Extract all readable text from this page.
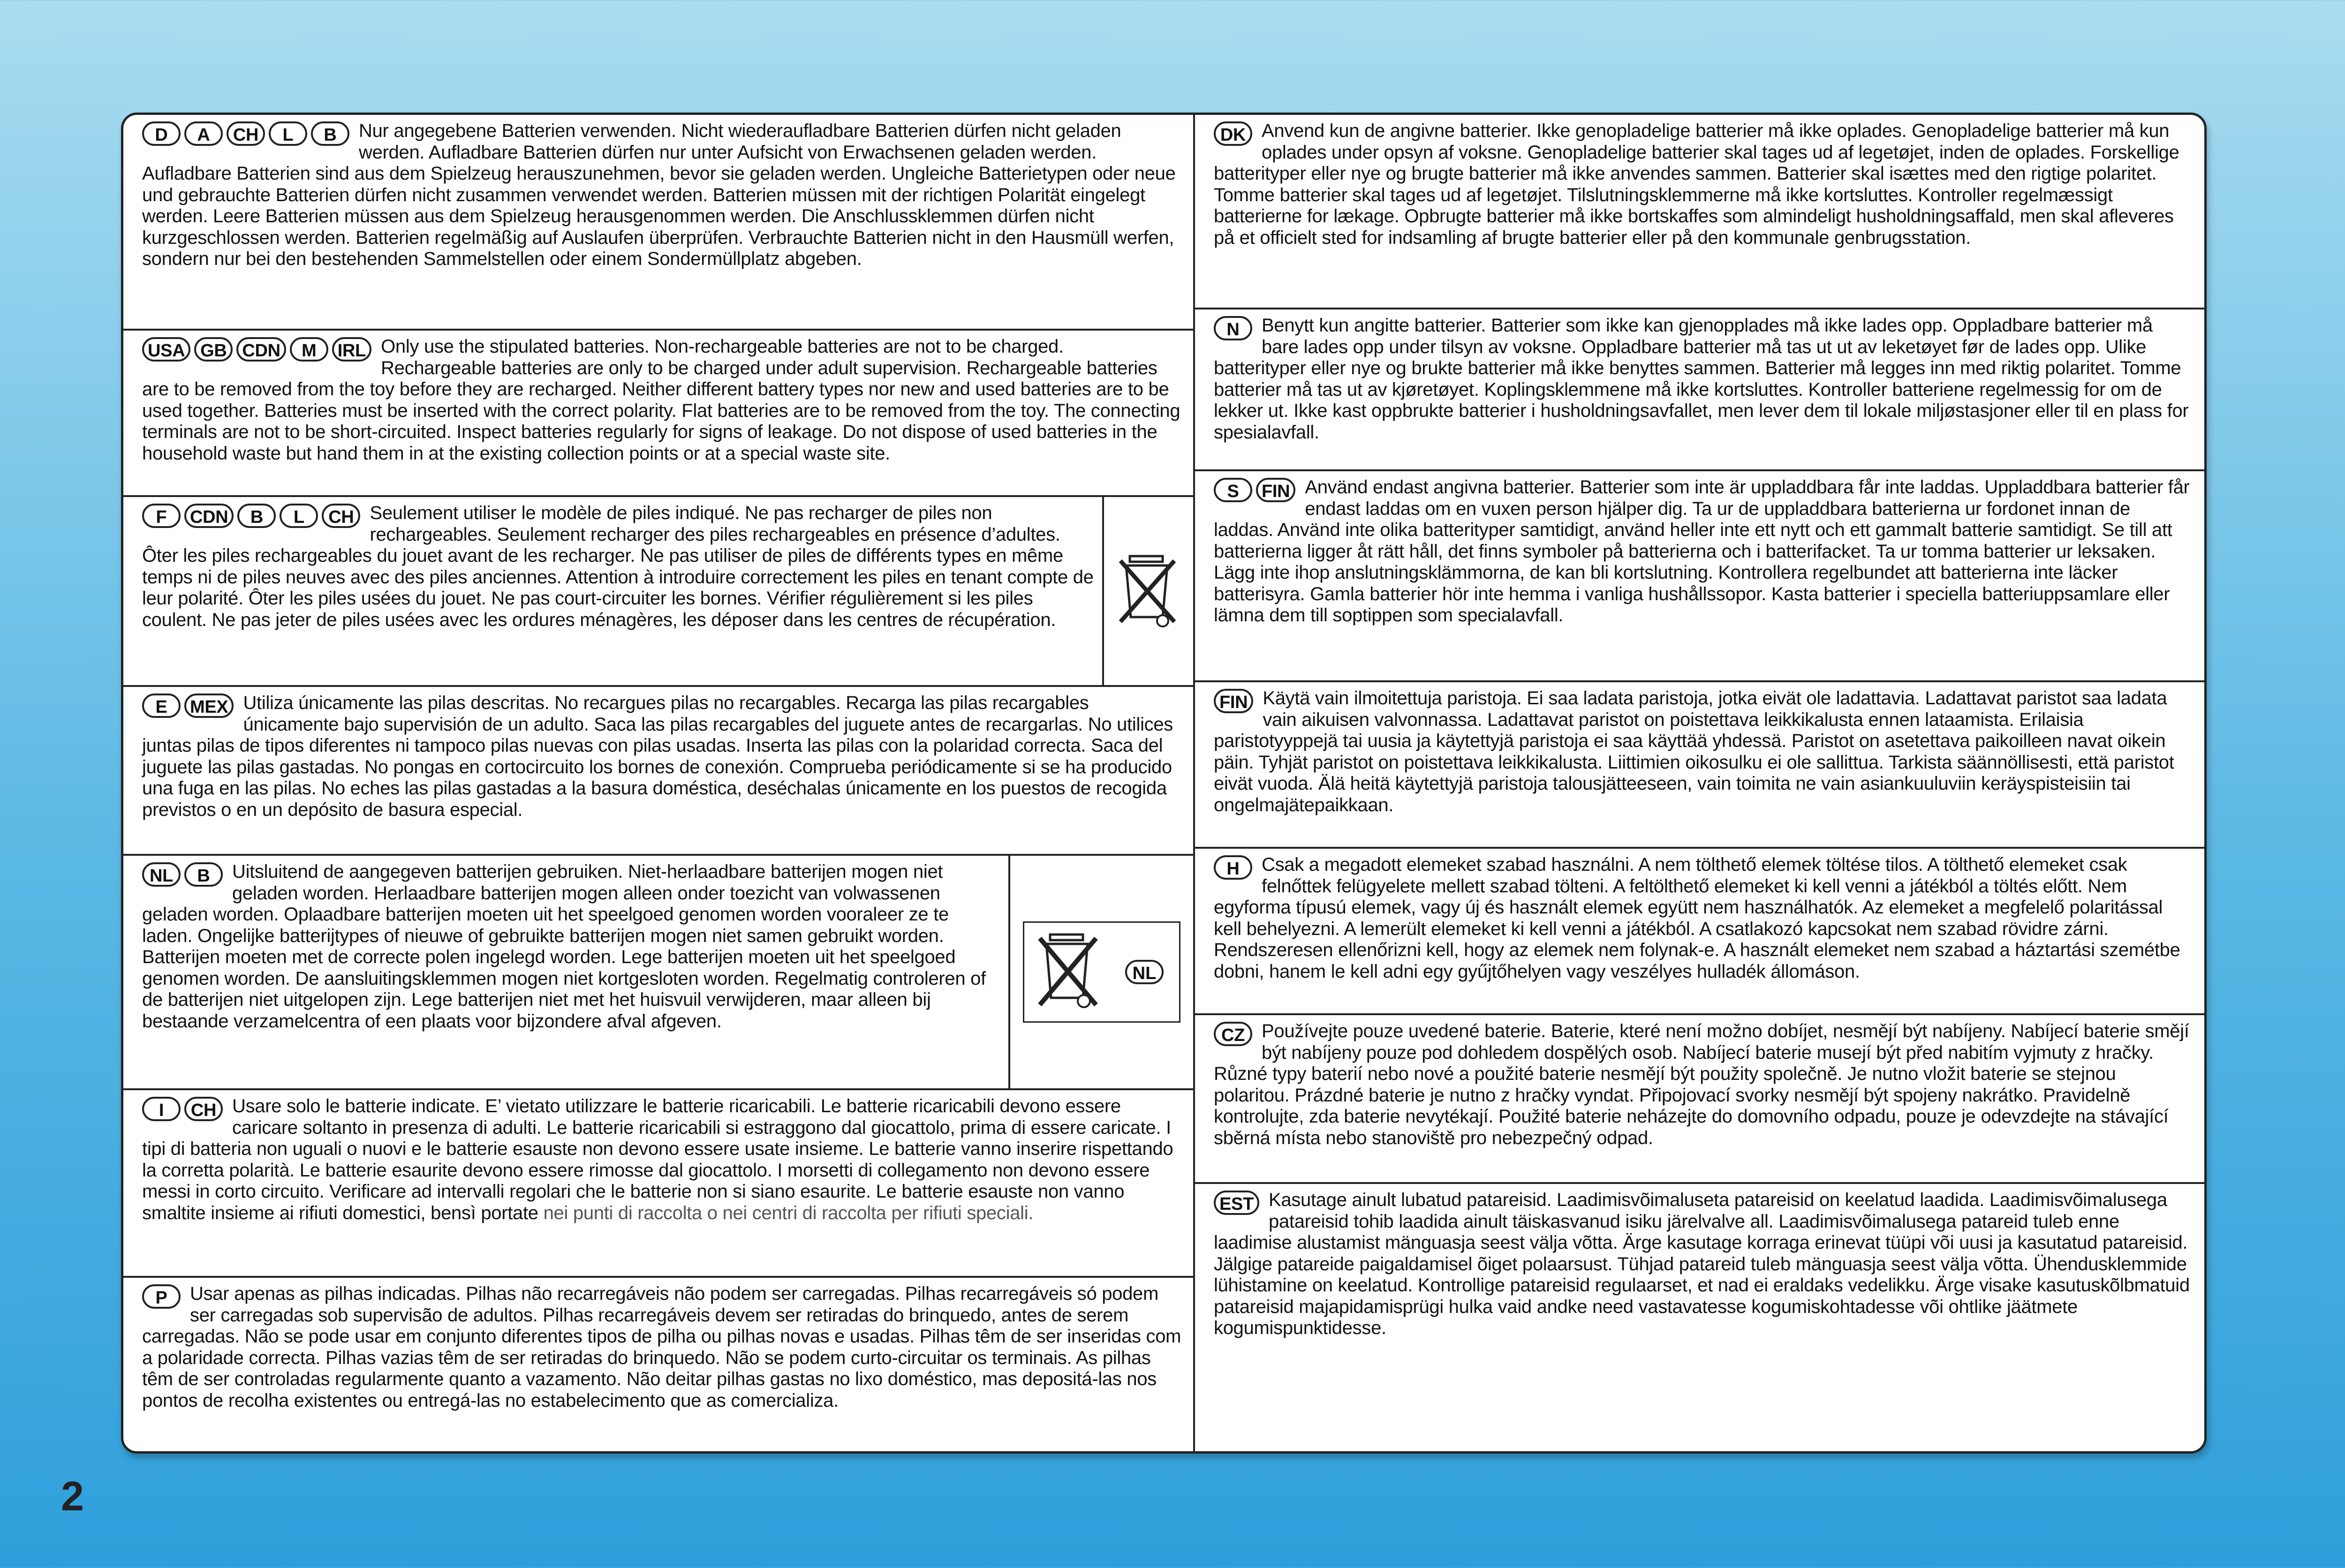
D A CH L B	Nur angegebene Batterien verwenden. Nicht wiederaufladbare Batterien dürfen nicht geladen werden. Aufladbare Batterien dürfen nur unter Aufsicht von Erwachsenen geladen werden. Aufladbare Batterien sind aus dem Spielzeug herauszunehmen, bevor sie geladen werden. Ungleiche Batterietypen oder neue und gebrauchte Batterien dürfen nicht zusammen verwendet werden. Batterien müssen mit der richtigen Polarität eingelegt werden. Leere Batterien müssen aus dem Spielzeug herausgenommen werden. Die Anschlussklemmen dürfen nicht kurzgeschlossen werden. Batterien regelmäßig auf Auslaufen überprüfen. Verbrauchte Batterien nicht in den Hausmüll werfen, sondern nur bei den bestehenden Sammelstellen oder einem Sondermüllplatz abgeben.
USA GB CDN M IRL Only use the stipulated batteries. Non-rechargeable batteries are not to be charged. Rechargeable batteries are only to be charged under adult supervision. Rechargeable batteries are to be removed from the toy before they are recharged. Neither different battery types nor new and used batteries are to be used together. Batteries must be inserted with the correct polarity. Flat batteries are to be removed from the toy. The connecting terminals are not to be short-circuited. Inspect batteries regularly for signs of leakage. Do not dispose of used batteries in the household waste but hand them in at the existing collection points or at a special waste site.
F CDN B L CH Seulement utiliser le modèle de piles indiqué. Ne pas recharger de piles non rechargeables. Seulement recharger des piles rechargeables en présence d’adultes. Ôter les piles rechargeables du jouet avant de les recharger. Ne pas utiliser de piles de différents types en même temps ni de piles neuves avec des piles anciennes. Attention à introduire correctement les piles en tenant compte de leur polarité. Ôter les piles usées du jouet. Ne pas court-circuiter les bornes. Vérifier régulièrement si les piles coulent. Ne pas jeter de piles usées avec les ordures ménagères, les déposer dans les centres de récupération.
E MEX Utiliza únicamente las pilas descritas. No recargues pilas no recargables. Recarga las pilas recargables únicamente bajo supervisión de un adulto. Saca las pilas recargables del juguete antes de recargarlas. No utilices juntas pilas de tipos diferentes ni tampoco pilas nuevas con pilas usadas. Inserta las pilas con la polaridad correcta. Saca del juguete las pilas gastadas. No pongas en cortocircuito los bornes de conexión. Comprueba periódicamente si se ha producido una fuga en las pilas. No eches las pilas gastadas a la basura doméstica, deséchalas únicamente en los puestos de recogida previstos o en un depósito de basura especial.
NL B	Uitsluitend de aangegeven batterijen gebruiken. Niet-herlaadbare batterijen mogen niet geladen worden. Herlaadbare batterijen mogen alleen onder toezicht van volwassenen geladen worden. Oplaadbare batterijen moeten uit het speelgoed genomen worden vooraleer ze te laden. Ongelijke batterijtypes of nieuwe of gebruikte batterijen mogen niet samen gebruikt worden. Batterijen moeten met de correcte polen ingelegd worden. Lege batterijen moeten uit het speelgoed genomen worden. De aansluitingsklemmen mogen niet kortgesloten worden. Regelmatig controleren of de batterijen niet uitgelopen zijn. Lege batterijen niet met het huisvuil verwijderen, maar alleen bij bestaande verzamelcentra of een plaats voor bijzondere afval afgeven.
NL
I CH Usare solo le batterie indicate. E’ vietato utilizzare le batterie ricaricabili. Le batterie ricaricabili devono essere caricare soltanto in presenza di adulti. Le batterie ricaricabili si estraggono dal giocattolo, prima di essere caricate. I tipi di batteria non uguali o nuovi e le batterie esauste non devono essere usate insieme. Le batterie vanno inserire rispettando la corretta polarità. Le batterie esaurite devono essere rimosse dal giocattolo. I morsetti di collegamento non devono essere messi in corto circuito. Verificare ad intervalli regolari che le batterie non si siano esaurite. Le batterie esauste non vanno smaltite insieme ai rifiuti domestici, bensì portate nei punti di raccolta o nei centri di raccolta per rifiuti speciali.
P	Usar apenas as pilhas indicadas. Pilhas não recarregáveis não podem ser carregadas. Pilhas recarregáveis só podem ser carregadas sob supervisão de adultos. Pilhas recarregáveis devem ser retiradas do brinquedo, antes de serem carregadas. Não se pode usar em conjunto diferentes tipos de pilha ou pilhas novas e usadas. Pilhas têm de ser inseridas com a polaridade correcta. Pilhas vazias têm de ser retiradas do brinquedo. Não se podem curto-circuitar os terminais. As pilhas têm de ser controladas regularmente quanto a vazamento. Não deitar pilhas gastas no lixo doméstico, mas depositá-las nos pontos de recolha existentes ou entregá-las no estabelecimento que as comercializa.
DK Anvend kun de angivne batterier. Ikke genopladelige batterier må ikke oplades. Genopladelige batterier må kun oplades under opsyn af voksne. Genopladelige batterier skal tages ud af legetøjet, inden de oplades. Forskellige batterityper eller nye og brugte batterier må ikke anvendes sammen. Batterier skal isættes med den rigtige polaritet. Tomme batterier skal tages ud af legetøjet. Tilslutningsklemmerne må ikke kortsluttes. Kontroller regelmæssigt batterierne for lækage. Opbrugte batterier må ikke bortskaffes som almindeligt husholdningsaffald, men skal afleveres på et officielt sted for indsamling af brugte batterier eller på den kommunale genbrugsstation.
N	Benytt kun angitte batterier. Batterier som ikke kan gjenopplades må ikke lades opp. Oppladbare batterier må bare lades opp under tilsyn av voksne. Oppladbare batterier må tas ut ut av leketøyet før de lades opp. Ulike batterityper eller nye og brukte batterier må ikke benyttes sammen. Batterier må legges inn med riktig polaritet. Tomme batterier må tas ut av kjøretøyet. Koplingsklemmene må ikke kortsluttes. Kontroller batteriene regelmessig for om de lekker ut. Ikke kast oppbrukte batterier i husholdningsavfallet, men lever dem til lokale miljøstasjoner eller til en plass for spesialavfall.
S FIN Använd endast angivna batterier. Batterier som inte är uppladdbara får inte laddas. Uppladdbara batterier får endast laddas om en vuxen person hjälper dig. Ta ur de uppladdbara batterierna ur fordonet innan de laddas. Använd inte olika batterityper samtidigt, använd heller inte ett nytt och ett gammalt batterie samtidigt. Se till att batterierna ligger åt rätt håll, det finns symboler på batterierna och i batterifacket. Ta ur tomma batterier ur leksaken. Lägg inte ihop anslutningsklämmorna, de kan bli kortslutning. Kontrollera regelbundet att batterierna inte läcker batterisyra. Gamla batterier hör inte hemma i vanliga hushållssopor. Kasta batterier i speciella batteriuppsamlare eller lämna dem till soptippen som specialavfall.
FIN Käytä vain ilmoitettuja paristoja. Ei saa ladata paristoja, jotka eivät ole ladattavia. Ladattavat paristot saa ladata vain aikuisen valvonnassa. Ladattavat paristot on poistettava leikkikalusta ennen lataamista. Erilaisia paristotyyppejä tai uusia ja käytettyjä paristoja ei saa käyttää yhdessä. Paristot on asetettava paikoilleen navat oikein päin. Tyhjät paristot on poistettava leikkikalusta. Liittimien oikosulku ei ole sallittua. Tarkista säännöllisesti, että paristot eivät vuoda. Älä heitä käytettyjä paristoja talousjätteeseen, vain toimita ne vain asiankuuluviin keräyspisteisiin tai ongelmajätepaikkaan.
H	Csak a megadott elemeket szabad használni. A nem tölthető elemek töltése tilos. A tölthető elemeket csak felnőttek felügyelete mellett szabad tölteni. A feltölthető elemeket ki kell venni a játékból a töltés előtt. Nem egyforma típusú elemek, vagy új és használt elemek együtt nem használhatók. Az elemeket a megfelelő polaritással kell behelyezni. A lemerült elemeket ki kell venni a játékból. A csatlakozó kapcsokat nem szabad rövidre zárni. Rendszeresen ellenőrizni kell, hogy az elemek nem folynak-e. A használt elemeket nem szabad a háztartási szemétbe dobni, hanem le kell adni egy gyűjtőhelyen vagy veszélyes hulladék állomáson.
CZ Používejte pouze uvedené baterie. Baterie, které není možno dobíjet, nesmějí být nabíjeny. Nabíjecí baterie smějí být nabíjeny pouze pod dohledem dospělých osob. Nabíjecí baterie musejí být před nabitím vyjmuty z hračky. Různé typy baterií nebo nové a použité baterie nesmějí být použity společně. Je nutno vložit baterie se stejnou polaritou. Prázdné baterie je nutno z hračky vyndat. Připojovací svorky nesmějí být spojeny nakrátko. Pravidelně kontrolujte, zda baterie nevytékají. Použité baterie neházejte do domovního odpadu, pouze je odevzdejte na stávající sběrná místa nebo stanoviště pro nebezpečný odpad.
EST Kasutage ainult lubatud patareisid. Laadimisvõimaluseta patareisid on keelatud laadida. Laadimisvõimalusega patareisid tohib laadida ainult täiskasvanud isiku järelvalve all. Laadimisvõimalusega patareid tuleb enne laadimise alustamist mänguasja seest välja võtta. Ärge kasutage korraga erinevat tüüpi või uusi ja kasutatud patareisid. Jälgige patareide paigaldamisel õiget polaarsust. Tühjad patareid tuleb mänguasja seest välja võtta. Ühendusklemmide lühistamine on keelatud. Kontrollige patareisid regulaarset, et nad ei eraldaks vedelikku. Ärge visake kasutuskõlbmatuid patareisid majapidamisprügi hulka vaid andke need vastavatesse kogumiskohtadesse või ohtlike jäätmete kogumispunktidesse.
2
